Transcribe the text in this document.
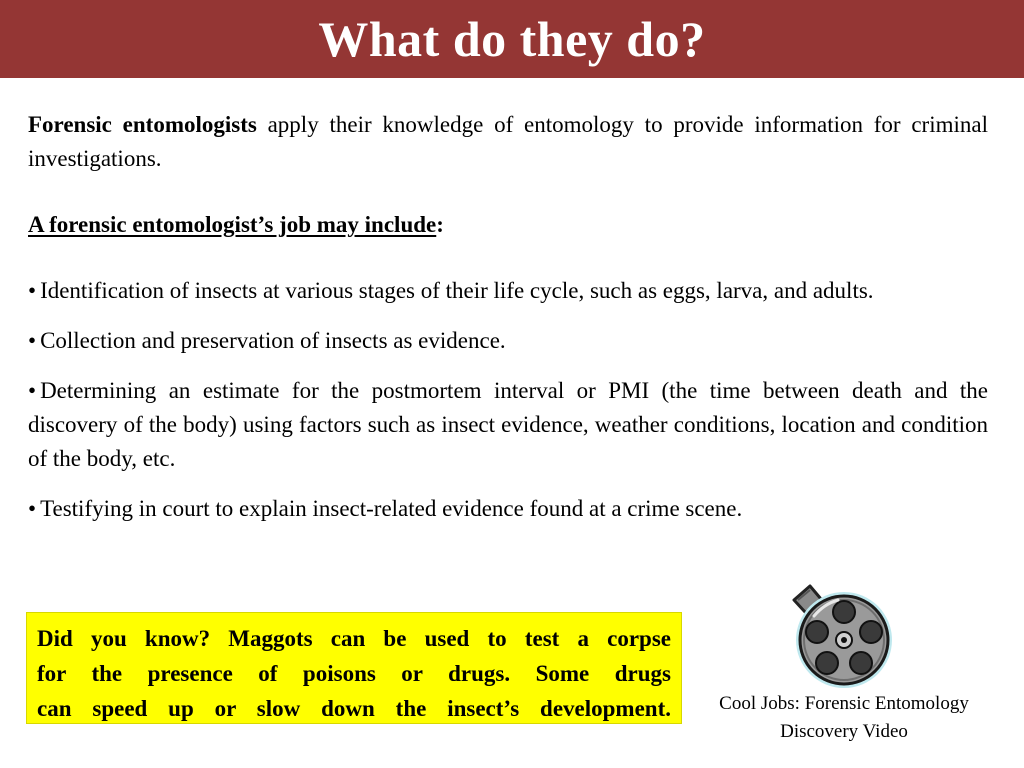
What do they do?

Forensic entomologists apply their knowledge of entomology to provide information for criminal investigations.

A forensic entomologist’s job may include:

• Identification of insects at various stages of their life cycle, such as eggs, larva, and adults.
• Collection and preservation of insects as evidence.
• Determining an estimate for the postmortem interval or PMI (the time between death and the discovery of the body) using factors such as insect evidence, weather conditions, location and condition of the body, etc.
• Testifying in court to explain insect-related evidence found at a crime scene.
Did you know? Maggots can be used to test a corpse
for the presence of poisons or drugs. Some drugs
can speed up or slow down the insect’s development.	Cool Jobs: Forensic Entomology
Discovery Video
